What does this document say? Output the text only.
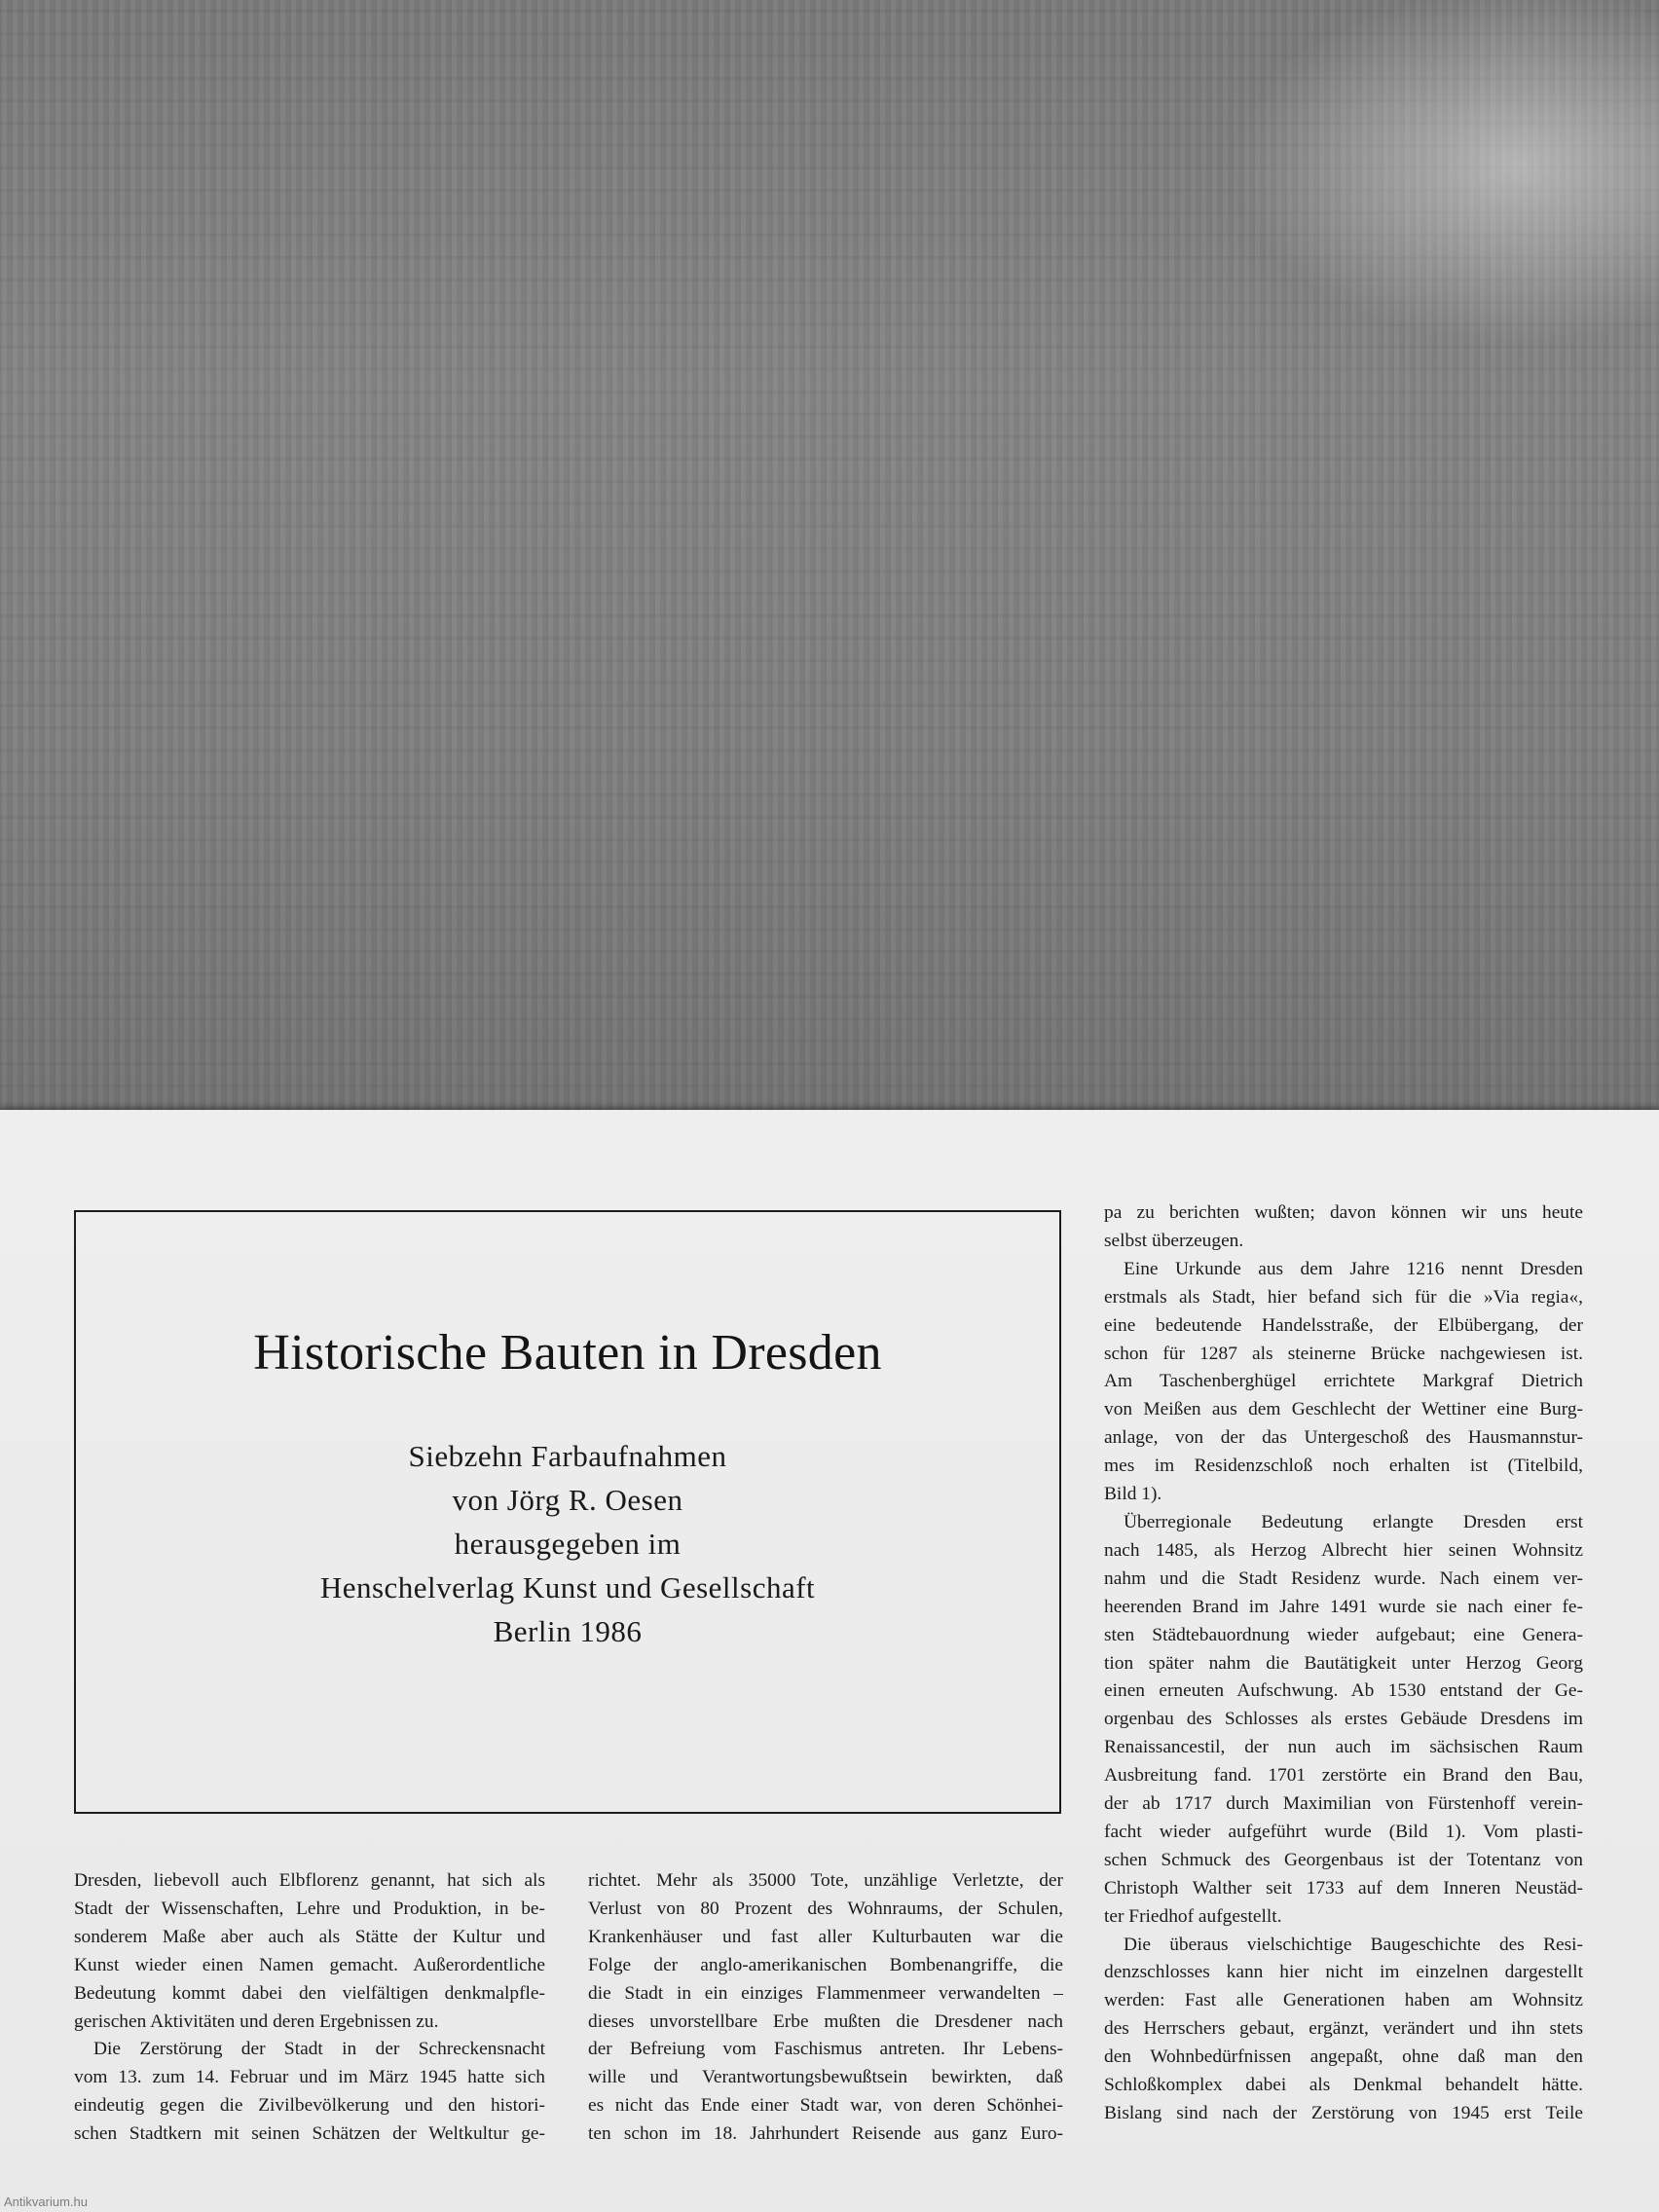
Historische Bauten in Dresden

Siebzehn Farbaufnahmen

von Jörg R. Oesen

herausgegeben im

Henschelverlag Kunst und Gesellschaft

Berlin 1986

pa zu berichten wußten; davon können wir uns heute

selbst überzeugen.

Eine Urkunde aus dem Jahre 1216 nennt Dresden

erstmals als Stadt, hier befand sich für die »Via regia«,

eine bedeutende Handelsstraße, der Elbübergang, der

schon für 1287 als steinerne Brücke nachgewiesen ist.

Am Taschenberghügel errichtete Markgraf Dietrich

von Meißen aus dem Geschlecht der Wettiner eine Burg-

anlage, von der das Untergeschoß des Hausmannstur-

mes im Residenzschloß noch erhalten ist (Titelbild,

Bild 1).

Überregionale Bedeutung erlangte Dresden erst

nach 1485, als Herzog Albrecht hier seinen Wohnsitz

nahm und die Stadt Residenz wurde. Nach einem ver-

heerenden Brand im Jahre 1491 wurde sie nach einer fe-

sten Städtebauordnung wieder aufgebaut; eine Genera-

tion später nahm die Bautätigkeit unter Herzog Georg

einen erneuten Aufschwung. Ab 1530 entstand der Ge-

orgenbau des Schlosses als erstes Gebäude Dresdens im

Renaissancestil, der nun auch im sächsischen Raum

Ausbreitung fand. 1701 zerstörte ein Brand den Bau,

der ab 1717 durch Maximilian von Fürstenhoff verein-

facht wieder aufgeführt wurde (Bild 1). Vom plasti-

schen Schmuck des Georgenbaus ist der Totentanz von

Christoph Walther seit 1733 auf dem Inneren Neustäd-

ter Friedhof aufgestellt.

Die überaus vielschichtige Baugeschichte des Resi-

denzschlosses kann hier nicht im einzelnen dargestellt

werden: Fast alle Generationen haben am Wohnsitz

des Herrschers gebaut, ergänzt, verändert und ihn stets

den Wohnbedürfnissen angepaßt, ohne daß man den

Schloßkomplex dabei als Denkmal behandelt hätte.

Bislang sind nach der Zerstörung von 1945 erst Teile

Dresden, liebevoll auch Elbflorenz genannt, hat sich als

Stadt der Wissenschaften, Lehre und Produktion, in be-

sonderem Maße aber auch als Stätte der Kultur und

Kunst wieder einen Namen gemacht. Außerordentliche

Bedeutung kommt dabei den vielfältigen denkmalpfle-

gerischen Aktivitäten und deren Ergebnissen zu.

Die Zerstörung der Stadt in der Schreckensnacht

vom 13. zum 14. Februar und im März 1945 hatte sich

eindeutig gegen die Zivilbevölkerung und den histori-

schen Stadtkern mit seinen Schätzen der Weltkultur ge-

richtet. Mehr als 35000 Tote, unzählige Verletzte, der

Verlust von 80 Prozent des Wohnraums, der Schulen,

Krankenhäuser und fast aller Kulturbauten war die

Folge der anglo-amerikanischen Bombenangriffe, die

die Stadt in ein einziges Flammenmeer verwandelten –

dieses unvorstellbare Erbe mußten die Dresdener nach

der Befreiung vom Faschismus antreten. Ihr Lebens-

wille und Verantwortungsbewußtsein bewirkten, daß

es nicht das Ende einer Stadt war, von deren Schönhei-

ten schon im 18. Jahrhundert Reisende aus ganz Euro-

Antikvarium.hu
